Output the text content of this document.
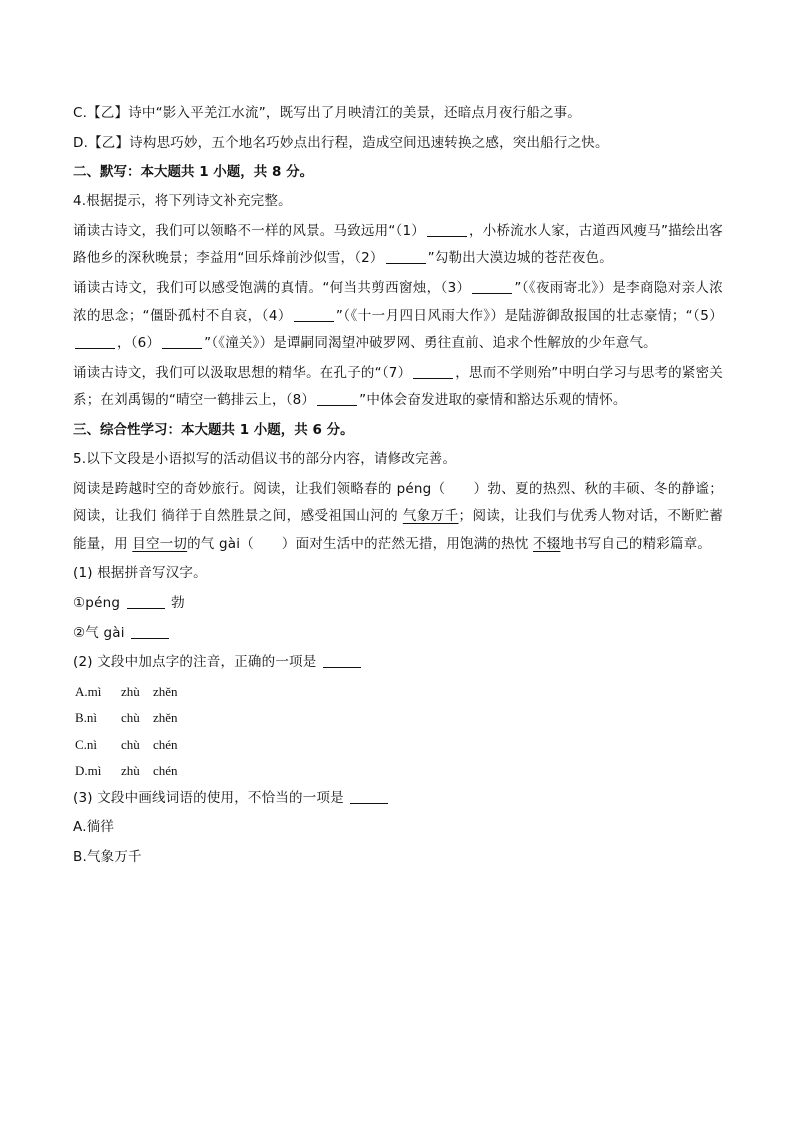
C.【乙】诗中“影入平羌江水流”，既写出了月映清江的美景，还暗点月夜行船之事。

D.【乙】诗构思巧妙，五个地名巧妙点出行程，造成空间迅速转换之感，突出船行之快。

二、默写：本大题共 1 小题，共 8 分。

4.根据提示，将下列诗文补充完整。

诵读古诗文，我们可以领略不一样的风景。马致远用“（1）	，小桥流水人家，古道西风瘦马”描绘出客路他乡的深秋晚景；李益用“回乐烽前沙似雪，（2）	”勾勒出大漠边城的苍茫夜色。

诵读古诗文，我们可以感受饱满的真情。“何当共剪西窗烛，（3）	”（《夜雨寄北》）是李商隐对亲人浓浓的思念；“僵卧孤村不自哀，（4）	”（《十一月四日风雨大作》）是陆游御敌报国的壮志豪情；“（5），（6）	”（《潼关》）是谭嗣同渴望冲破罗网、勇往直前、追求个性解放的少年意气。

诵读古诗文，我们可以汲取思想的精华。在孔子的“（7）	，思而不学则殆”中明白学习与思考的紧密关系；在刘禹锡的“晴空一鹤排云上，（8）	”中体会奋发进取的豪情和豁达乐观的情怀。

三、综合性学习：本大题共 1 小题，共 6 分。

5.以下文段是小语拟写的活动倡议书的部分内容，请修改完善。

阅读是跨越时空的奇妙旅行。阅读，让我们领略春的 péng（ ）勃、夏的热烈、秋的丰硕、冬的静谧；阅读，让我们 徜徉于自然胜景之间，感受祖国山河的 气象万千；阅读，让我们与优秀人物对话，不断贮蓄能量，用 目空一切的气 gài（ ）面对生活中的茫然无措，用饱满的热忱 不辍地书写自己的精彩篇章。

(1) 根据拼音写汉字。

①péng	勃

②气 gài

(2) 文段中加点字的注音，正确的一项是

A.mì	zhù	zhěn
B.nì	chù	zhěn
C.nì	chù	chén
D.mì	zhù	chén

(3) 文段中画线词语的使用，不恰当的一项是

A.徜徉

B.气象万千
